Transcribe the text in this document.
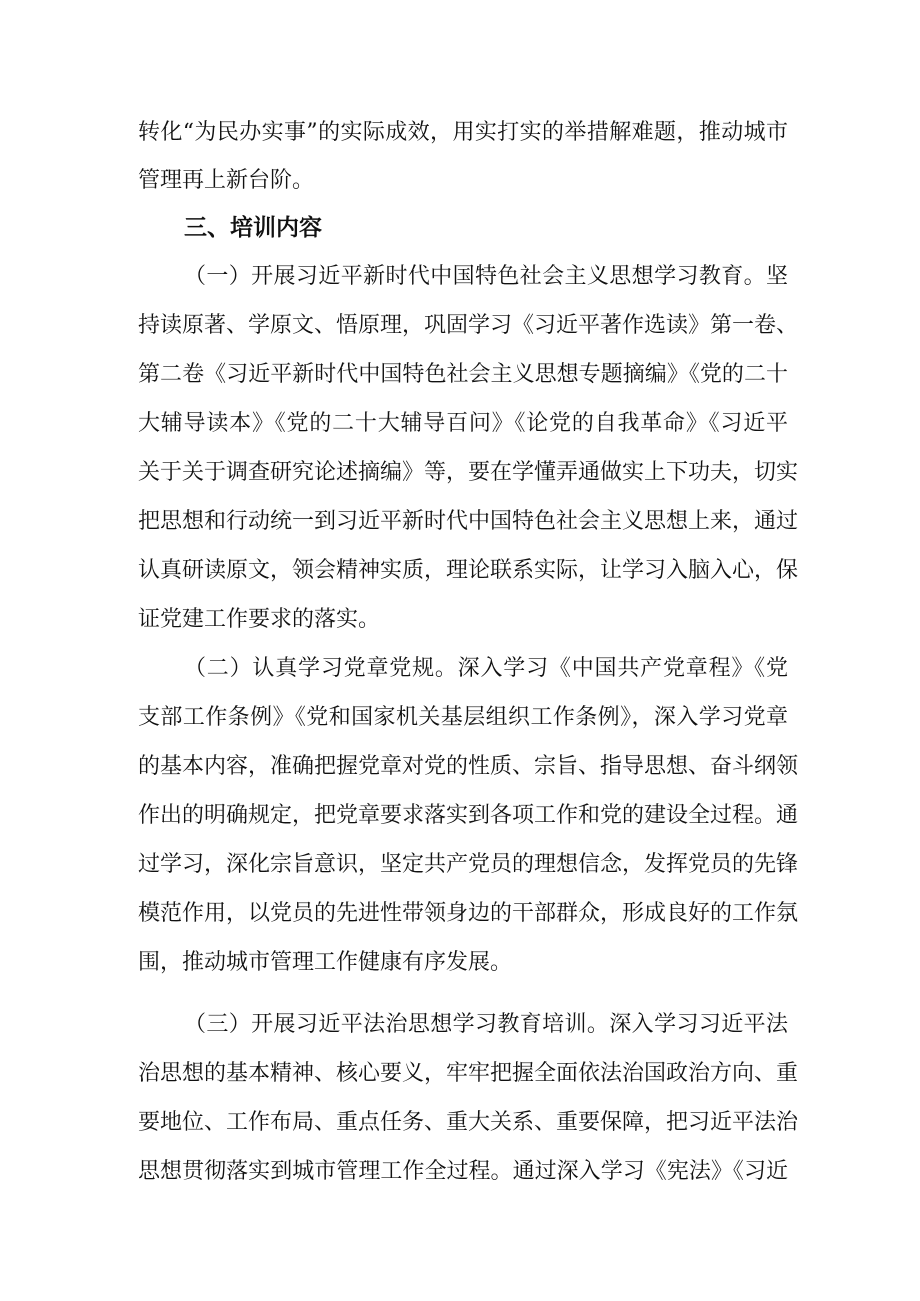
转化“为民办实事”的实际成效，用实打实的举措解难题，推动城市
管理再上新台阶。
三、培训内容
（一）开展习近平新时代中国特色社会主义思想学习教育。坚
持读原著、学原文、悟原理，巩固学习《习近平著作选读》第一卷、
第二卷《习近平新时代中国特色社会主义思想专题摘编》《党的二十
大辅导读本》《党的二十大辅导百问》《论党的自我革命》《习近平
关于关于调查研究论述摘编》等，要在学懂弄通做实上下功夫，切实
把思想和行动统一到习近平新时代中国特色社会主义思想上来，通过
认真研读原文，领会精神实质，理论联系实际，让学习入脑入心，保
证党建工作要求的落实。
（二）认真学习党章党规。深入学习《中国共产党章程》《党
支部工作条例》《党和国家机关基层组织工作条例》，深入学习党章
的基本内容，准确把握党章对党的性质、宗旨、指导思想、奋斗纲领
作出的明确规定，把党章要求落实到各项工作和党的建设全过程。通
过学习，深化宗旨意识，坚定共产党员的理想信念，发挥党员的先锋
模范作用，以党员的先进性带领身边的干部群众，形成良好的工作氛
围，推动城市管理工作健康有序发展。
（三）开展习近平法治思想学习教育培训。深入学习习近平法
治思想的基本精神、核心要义，牢牢把握全面依法治国政治方向、重
要地位、工作布局、重点任务、重大关系、重要保障，把习近平法治
思想贯彻落实到城市管理工作全过程。通过深入学习《宪法》《习近
